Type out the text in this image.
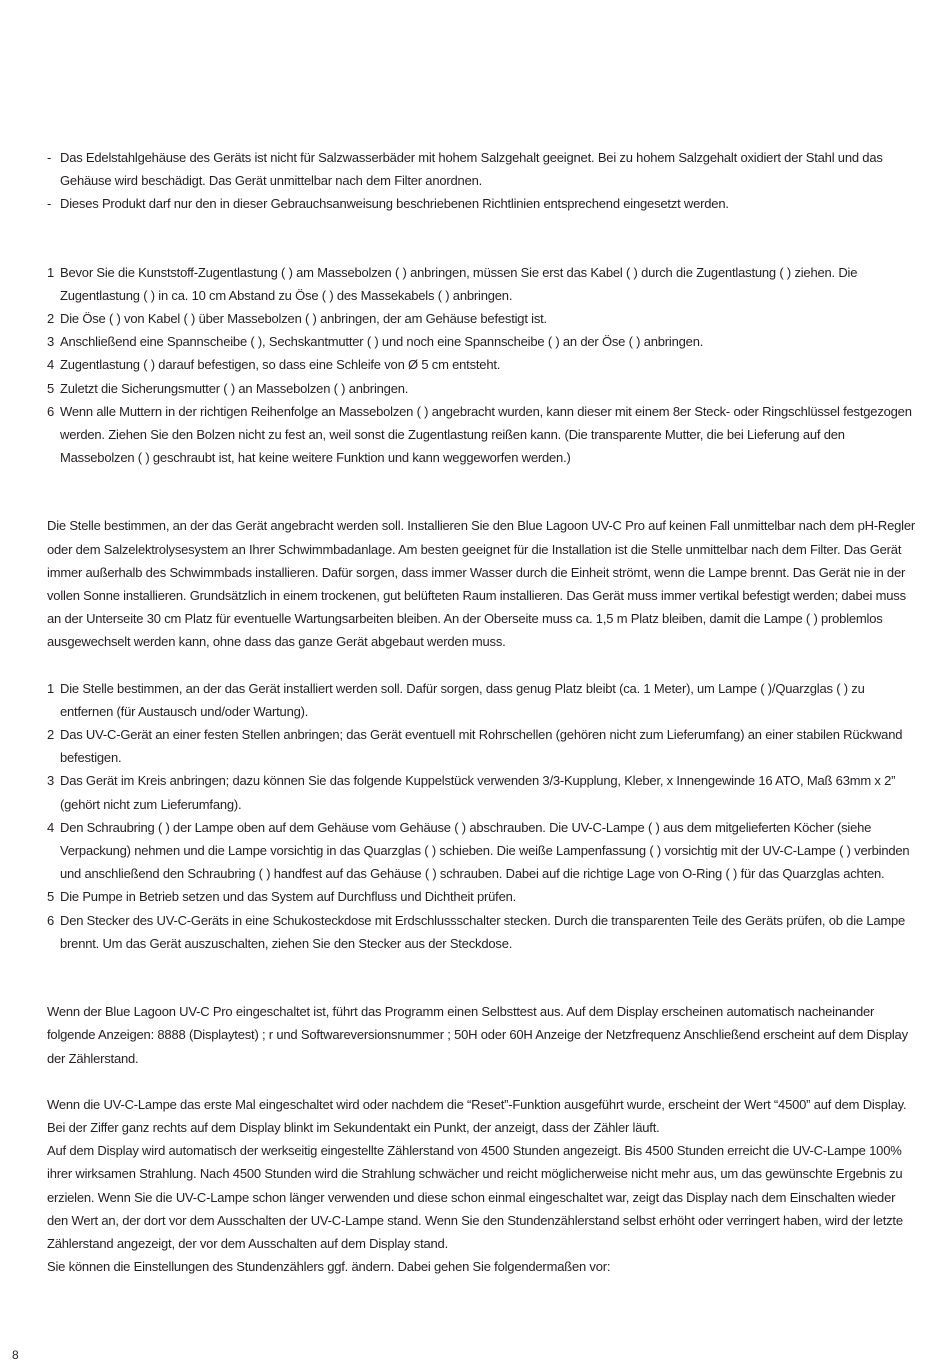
- Das Edelstahlgehäuse des Geräts ist nicht für Salzwasserbäder mit hohem Salzgehalt geeignet. Bei zu hohem Salzgehalt oxidiert der Stahl und das Gehäuse wird beschädigt. Das Gerät unmittelbar nach dem Filter anordnen.
- Dieses Produkt darf nur den in dieser Gebrauchsanweisung beschriebenen Richtlinien entsprechend eingesetzt werden.
1 Bevor Sie die Kunststoff-Zugentlastung ( ) am Massebolzen ( ) anbringen, müssen Sie erst das Kabel ( ) durch die Zugentlastung ( ) ziehen. Die Zugentlastung ( ) in ca. 10 cm Abstand zu Öse ( ) des Massekabels ( ) anbringen.
2 Die Öse ( ) von Kabel ( ) über Massebolzen ( ) anbringen, der am Gehäuse befestigt ist.
3 Anschließend eine Spannscheibe ( ), Sechskantmutter ( ) und noch eine Spannscheibe ( ) an der Öse ( ) anbringen.
4 Zugentlastung ( ) darauf befestigen, so dass eine Schleife von Ø 5 cm entsteht.
5 Zuletzt die Sicherungsmutter ( ) an Massebolzen ( ) anbringen.
6 Wenn alle Muttern in der richtigen Reihenfolge an Massebolzen ( ) angebracht wurden, kann dieser mit einem 8er Steck- oder Ringschlüssel festgezogen werden. Ziehen Sie den Bolzen nicht zu fest an, weil sonst die Zugentlastung reißen kann. (Die transparente Mutter, die bei Lieferung auf den Massebolzen ( ) geschraubt ist, hat keine weitere Funktion und kann weggeworfen werden.)

Die Stelle bestimmen, an der das Gerät angebracht werden soll. Installieren Sie den Blue Lagoon UV-C Pro auf keinen Fall unmittelbar nach dem pH-Regler oder dem Salzelektrolysesystem an Ihrer Schwimmbadanlage. Am besten geeignet für die Installation ist die Stelle unmittelbar nach dem Filter. Das Gerät immer außerhalb des Schwimmbads installieren. Dafür sorgen, dass immer Wasser durch die Einheit strömt, wenn die Lampe brennt. Das Gerät nie in der vollen Sonne installieren. Grundsätzlich in einem trockenen, gut belüfteten Raum installieren. Das Gerät muss immer vertikal befestigt werden; dabei muss an der Unterseite 30 cm Platz für eventuelle Wartungsarbeiten bleiben. An der Oberseite muss ca. 1,5 m Platz bleiben, damit die Lampe ( ) problemlos ausgewechselt werden kann, ohne dass das ganze Gerät abgebaut werden muss.

1 Die Stelle bestimmen, an der das Gerät installiert werden soll. Dafür sorgen, dass genug Platz bleibt (ca. 1 Meter), um Lampe ( )/Quarzglas ( ) zu entfernen (für Austausch und/oder Wartung).
2 Das UV-C-Gerät an einer festen Stellen anbringen; das Gerät eventuell mit Rohrschellen (gehören nicht zum Lieferumfang) an einer stabilen Rückwand befestigen.
3 Das Gerät im Kreis anbringen; dazu können Sie das folgende Kuppelstück verwenden 3/3-Kupplung, Kleber, x Innengewinde 16 ATO, Maß 63mm x 2” (gehört nicht zum Lieferumfang).
4 Den Schraubring ( ) der Lampe oben auf dem Gehäuse vom Gehäuse ( ) abschrauben. Die UV-C-Lampe ( ) aus dem mitgelieferten Köcher (siehe Verpackung) nehmen und die Lampe vorsichtig in das Quarzglas ( ) schieben. Die weiße Lampenfassung ( ) vorsichtig mit der UV-C-Lampe ( ) verbinden und anschließend den Schraubring ( ) handfest auf das Gehäuse ( ) schrauben. Dabei auf die richtige Lage von O-Ring ( ) für das Quarzglas achten.
5 Die Pumpe in Betrieb setzen und das System auf Durchfluss und Dichtheit prüfen.
6 Den Stecker des UV-C-Geräts in eine Schukosteckdose mit Erdschlussschalter stecken. Durch die transparenten Teile des Geräts prüfen, ob die Lampe brennt. Um das Gerät auszuschalten, ziehen Sie den Stecker aus der Steckdose.

Wenn der Blue Lagoon UV-C Pro eingeschaltet ist, führt das Programm einen Selbsttest aus. Auf dem Display erscheinen automatisch nacheinander folgende Anzeigen: 8888 (Displaytest) ; r und Softwareversionsnummer ; 50H oder 60H Anzeige der Netzfrequenz Anschließend erscheint auf dem Display der Zählerstand.

Wenn die UV-C-Lampe das erste Mal eingeschaltet wird oder nachdem die “Reset”-Funktion ausgeführt wurde, erscheint der Wert “4500” auf dem Display. Bei der Ziffer ganz rechts auf dem Display blinkt im Sekundentakt ein Punkt, der anzeigt, dass der Zähler läuft.

Auf dem Display wird automatisch der werkseitig eingestellte Zählerstand von 4500 Stunden angezeigt. Bis 4500 Stunden erreicht die UV-C-Lampe 100% ihrer wirksamen Strahlung. Nach 4500 Stunden wird die Strahlung schwächer und reicht möglicherweise nicht mehr aus, um das gewünschte Ergebnis zu erzielen. Wenn Sie die UV-C-Lampe schon länger verwenden und diese schon einmal eingeschaltet war, zeigt das Display nach dem Einschalten wieder den Wert an, der dort vor dem Ausschalten der UV-C-Lampe stand. Wenn Sie den Stundenzählerstand selbst erhöht oder verringert haben, wird der letzte Zählerstand angezeigt, der vor dem Ausschalten auf dem Display stand.

Sie können die Einstellungen des Stundenzählers ggf. ändern. Dabei gehen Sie folgendermaßen vor:

8
